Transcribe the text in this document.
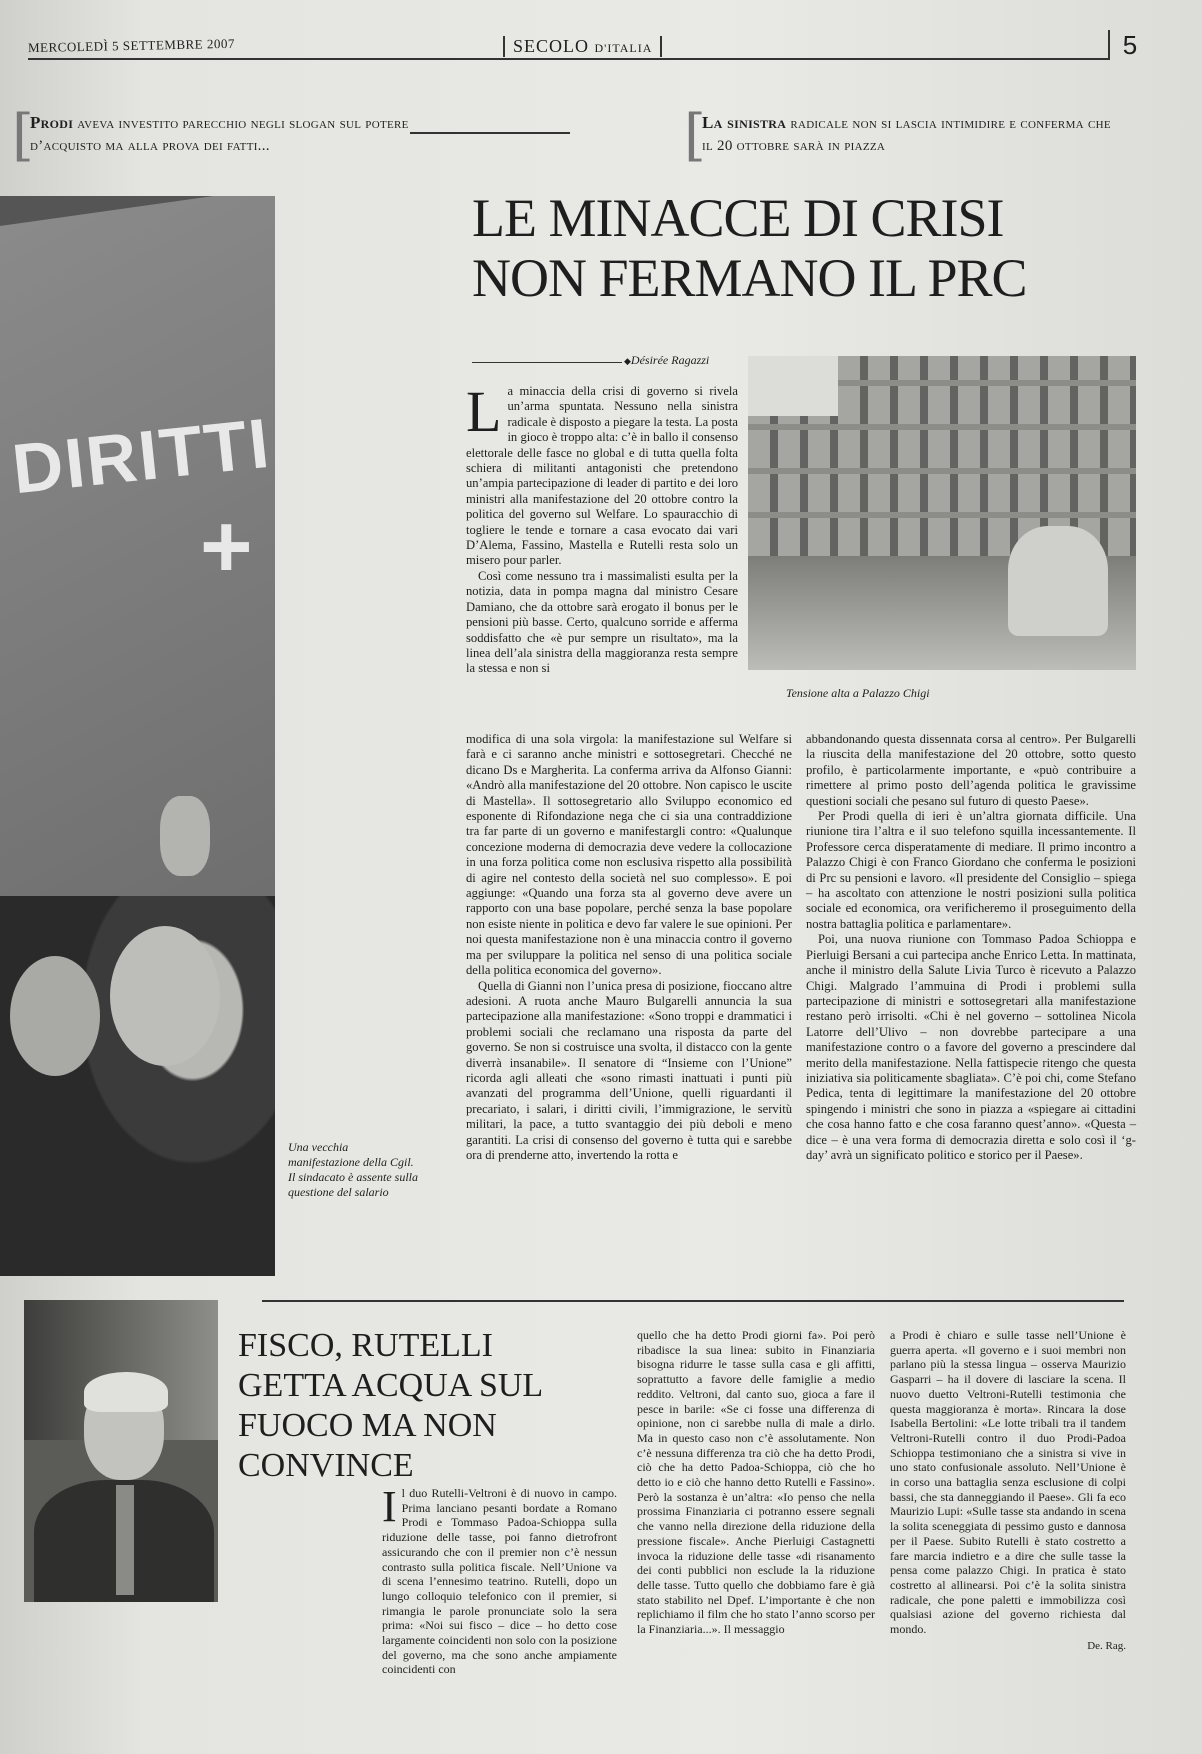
MERCOLEDÌ 5 SETTEMBRE 2007	SECOLO D'ITALIA	5
[
Prodi aveva investito parecchio negli slogan sul potere d’acquisto ma alla prova dei fatti...	[
La sinistra radicale non si lascia intimidire e conferma che il 20 ottobre sarà in piazza
LE MINACCE DI CRISI NON FERMANO IL PRC
DIRITTI
+
Una vecchia manifestazione della Cgil. Il sindacato è assente sulla questione del salario
◆ Désirée Ragazzi
Tensione alta a Palazzo Chigi

La minaccia della crisi di governo si rivela un’arma spuntata. Nessuno nella sinistra radicale è disposto a piegare la testa. La posta in gioco è troppo alta: c’è in ballo il consenso elettorale delle fasce no global e di tutta quella folta schiera di militanti antagonisti che pretendono un’ampia partecipazione di leader di partito e dei loro ministri alla manifestazione del 20 ottobre contro la politica del governo sul Welfare. Lo spauracchio di togliere le tende e tornare a casa evocato dai vari D’Alema, Fassino, Mastella e Rutelli resta solo un misero pour parler.

Così come nessuno tra i massimalisti esulta per la notizia, data in pompa magna dal ministro Cesare Damiano, che da ottobre sarà erogato il bonus per le pensioni più basse. Certo, qualcuno sorride e afferma soddisfatto che «è pur sempre un risultato», ma la linea dell’ala sinistra della maggioranza resta sempre la stessa e non si

modifica di una sola virgola: la manifestazione sul Welfare si farà e ci saranno anche ministri e sottosegretari. Checché ne dicano Ds e Margherita. La conferma arriva da Alfonso Gianni: «Andrò alla manifestazione del 20 ottobre. Non capisco le uscite di Mastella». Il sottosegretario allo Sviluppo economico ed esponente di Rifondazione nega che ci sia una contraddizione tra far parte di un governo e manifestargli contro: «Qualunque concezione moderna di democrazia deve vedere la collocazione in una forza politica come non esclusiva rispetto alla possibilità di agire nel contesto della società nel suo complesso». E poi aggiunge: «Quando una forza sta al governo deve avere un rapporto con una base popolare, perché senza la base popolare non esiste niente in politica e devo far valere le sue opinioni. Per noi questa manifestazione non è una minaccia contro il governo ma per sviluppare la politica nel senso di una politica sociale della politica economica del governo».

Quella di Gianni non l’unica presa di posizione, fioccano altre adesioni. A ruota anche Mauro Bulgarelli annuncia la sua partecipazione alla manifestazione: «Sono troppi e drammatici i problemi sociali che reclamano una risposta da parte del governo. Se non si costruisce una svolta, il distacco con la gente diverrà insanabile». Il senatore di “Insieme con l’Unione” ricorda agli alleati che «sono rimasti inattuati i punti più avanzati del programma dell’Unione, quelli riguardanti il precariato, i salari, i diritti civili, l’immigrazione, le servitù militari, la pace, a tutto svantaggio dei più deboli e meno garantiti. La crisi di consenso del governo è tutta qui e sarebbe ora di prenderne atto, invertendo la rotta e

abbandonando questa dissennata corsa al centro». Per Bulgarelli la riuscita della manifestazione del 20 ottobre, sotto questo profilo, è particolarmente importante, e «può contribuire a rimettere al primo posto dell’agenda politica le gravissime questioni sociali che pesano sul futuro di questo Paese».

Per Prodi quella di ieri è un’altra giornata difficile. Una riunione tira l’altra e il suo telefono squilla incessantemente. Il Professore cerca disperatamente di mediare. Il primo incontro a Palazzo Chigi è con Franco Giordano che conferma le posizioni di Prc su pensioni e lavoro. «Il presidente del Consiglio – spiega – ha ascoltato con attenzione le nostri posizioni sulla politica sociale ed economica, ora verificheremo il proseguimento della nostra battaglia politica e parlamentare».

Poi, una nuova riunione con Tommaso Padoa Schioppa e Pierluigi Bersani a cui partecipa anche Enrico Letta. In mattinata, anche il ministro della Salute Livia Turco è ricevuto a Palazzo Chigi. Malgrado l’ammuina di Prodi i problemi sulla partecipazione di ministri e sottosegretari alla manifestazione restano però irrisolti. «Chi è nel governo – sottolinea Nicola Latorre dell’Ulivo – non dovrebbe partecipare a una manifestazione contro o a favore del governo a prescindere dal merito della manifestazione. Nella fattispecie ritengo che questa iniziativa sia politicamente sbagliata». C’è poi chi, come Stefano Pedica, tenta di legittimare la manifestazione del 20 ottobre spingendo i ministri che sono in piazza a «spiegare ai cittadini che cosa hanno fatto e che cosa faranno quest’anno». «Questa – dice – è una vera forma di democrazia diretta e solo così il ‘g-day’ avrà un significato politico e storico per il Paese».

FISCO, RUTELLI GETTA ACQUA SUL FUOCO MA NON CONVINCE

Il duo Rutelli-Veltroni è di nuovo in campo. Prima lanciano pesanti bordate a Romano Prodi e Tommaso Padoa-Schioppa sulla riduzione delle tasse, poi fanno dietrofront assicurando che con il premier non c’è nessun contrasto sulla politica fiscale. Nell’Unione va di scena l’ennesimo teatrino. Rutelli, dopo un lungo colloquio telefonico con il premier, si rimangia le parole pronunciate solo la sera prima: «Noi sui fisco – dice – ho detto cose largamente coincidenti non solo con la posizione del governo, ma che sono anche ampiamente coincidenti con

quello che ha detto Prodi giorni fa». Poi però ribadisce la sua linea: subito in Finanziaria bisogna ridurre le tasse sulla casa e gli affitti, soprattutto a favore delle famiglie a medio reddito. Veltroni, dal canto suo, gioca a fare il pesce in barile: «Se ci fosse una differenza di opinione, non ci sarebbe nulla di male a dirlo. Ma in questo caso non c’è assolutamente. Non c’è nessuna differenza tra ciò che ha detto Prodi, ciò che ha detto Padoa-Schioppa, ciò che ho detto io e ciò che hanno detto Rutelli e Fassino». Però la sostanza è un’altra: «Io penso che nella prossima Finanziaria ci potranno essere segnali che vanno nella direzione della riduzione della pressione fiscale». Anche Pierluigi Castagnetti invoca la riduzione delle tasse «di risanamento dei conti pubblici non esclude la la riduzione delle tasse. Tutto quello che dobbiamo fare è già stato stabilito nel Dpef. L’importante è che non replichiamo il film che ho stato l’anno scorso per la Finanziaria...». Il messaggio

a Prodi è chiaro e sulle tasse nell’Unione è guerra aperta. «Il governo e i suoi membri non parlano più la stessa lingua – osserva Maurizio Gasparri – ha il dovere di lasciare la scena. Il nuovo duetto Veltroni-Rutelli testimonia che questa maggioranza è morta». Rincara la dose Isabella Bertolini: «Le lotte tribali tra il tandem Veltroni-Rutelli contro il duo Prodi-Padoa Schioppa testimoniano che a sinistra si vive in uno stato confusionale assoluto. Nell’Unione è in corso una battaglia senza esclusione di colpi bassi, che sta danneggiando il Paese». Gli fa eco Maurizio Lupi: «Sulle tasse sta andando in scena la solita sceneggiata di pessimo gusto e dannosa per il Paese. Subito Rutelli è stato costretto a fare marcia indietro e a dire che sulle tasse la pensa come palazzo Chigi. In pratica è stato costretto al allinearsi. Poi c’è la solita sinistra radicale, che pone paletti e immobilizza così qualsiasi azione del governo richiesta dal mondo.

De. Rag.
